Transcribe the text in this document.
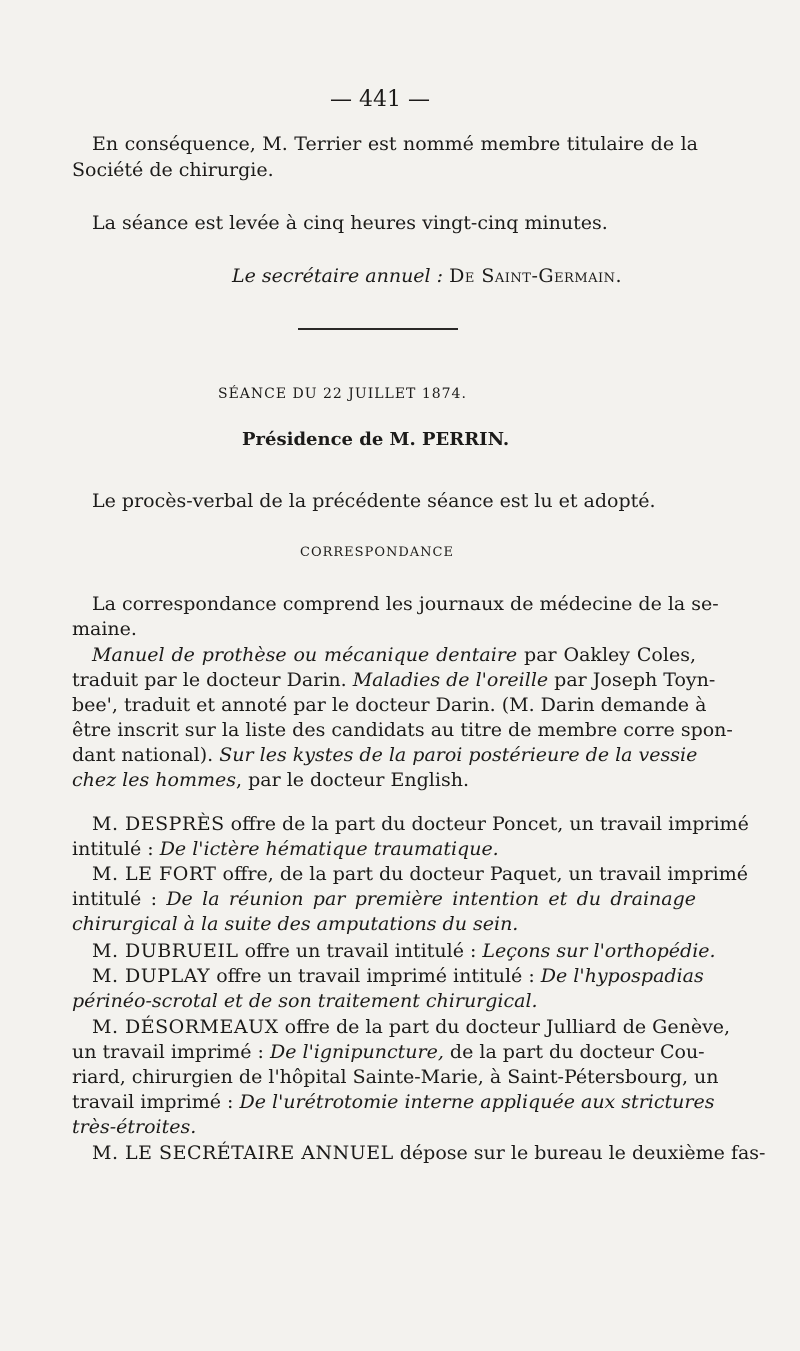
— 441 —
En conséquence, M. Terrier est nommé membre titulaire de la
Société de chirurgie.
La séance est levée à cinq heures vingt-cinq minutes.
Le secrétaire annuel : De Saint-Germain.
SÉANCE DU 22 JUILLET 1874.
Présidence de M. PERRIN.
Le procès-verbal de la précédente séance est lu et adopté.
CORRESPONDANCE
La correspondance comprend les journaux de médecine de la se-
maine.
Manuel de prothèse ou mécanique dentaire par Oakley Coles,
traduit par le docteur Darin. Maladies de l'oreille par Joseph Toyn-
bee', traduit et annoté par le docteur Darin. (M. Darin demande à
être inscrit sur la liste des candidats au titre de membre corre spon-
dant national). Sur les kystes de la paroi postérieure de la vessie
chez les hommes, par le docteur English.
M. DESPRÈS offre de la part du docteur Poncet, un travail imprimé
intitulé : De l'ictère hématique traumatique.
M. LE FORT offre, de la part du docteur Paquet, un travail imprimé
intitulé : De la réunion par première intention et du drainage
chirurgical à la suite des amputations du sein.
M. DUBRUEIL offre un travail intitulé : Leçons sur l'orthopédie.
M. DUPLAY offre un travail imprimé intitulé : De l'hypospadias
périnéo-scrotal et de son traitement chirurgical.
M. DÉSORMEAUX offre de la part du docteur Julliard de Genève,
un travail imprimé : De l'ignipuncture, de la part du docteur Cou-
riard, chirurgien de l'hôpital Sainte-Marie, à Saint-Pétersbourg, un
travail imprimé : De l'urétrotomie interne appliquée aux strictures
très-étroites.
M. LE SECRÉTAIRE ANNUEL dépose sur le bureau le deuxième fas-
